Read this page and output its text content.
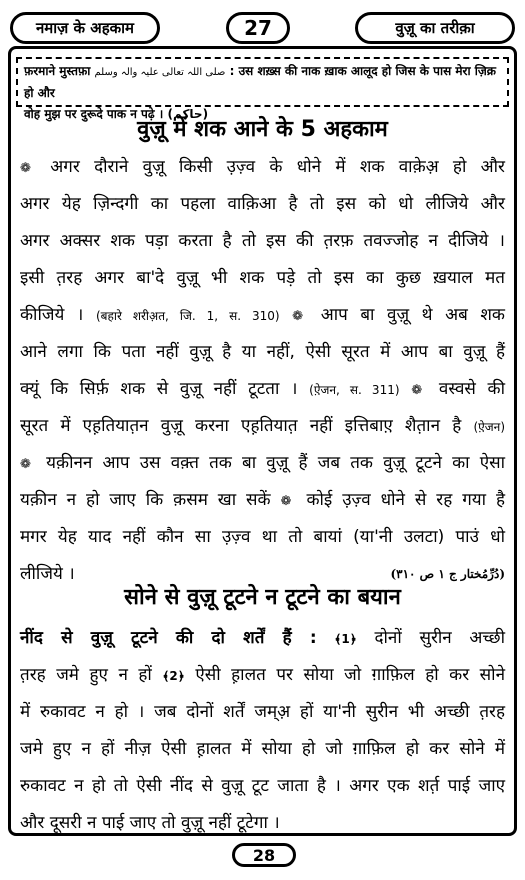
नमाज़ के अहकाम	27	वुज़ू का तरीक़ा
फ़रमाने मुस्तफ़ा صلی اللہ تعالی علیہ والہ وسلم : उस शख़्स की नाक ख़ाक आलूद हो जिस के पास मेरा ज़िक्र हो और
वोह मुझ पर दुरूदे पाक न पढ़े । (حاکم)
वुज़ू में शक आने के 5 अहकाम
❁ अगर दौराने वुज़ू किसी उ़ज़्व के धोने में शक वाक़ेअ़ हो और
अगर येह ज़िन्दगी का पहला वाक़िआ है तो इस को धो लीजिये और
अगर अक्सर शक पड़ा करता है तो इस की त़रफ़ तवज्जोह न दीजिये ।
इसी त़रह अगर बा'दे वुज़ू भी शक पड़े तो इस का कुछ ख़याल मत
कीजिये । (बहारे शरीअ़त, जि. 1, स. 310) ❁ आप बा वुज़ू थे अब शक
आने लगा कि पता नहीं वुज़ू है या नहीं, ऐसी सूरत में आप बा वुज़ू हैं
क्यूं कि सिर्फ़ शक से वुज़ू नहीं टूटता । (ऐ़जन, स. 311) ❁ वस्वसे की
सूरत में एह़तियात़न वुज़ू करना एह़तियात़ नहीं इत्तिबाए़ शैत़ान है (ऐ़जन)
❁ यक़ीनन आप उस वक़्त तक बा वुज़ू हैं जब तक वुज़ू टूटने का ऐसा
यक़ीन न हो जाए कि क़सम खा सकें ❁ कोई उ़ज़्व धोने से रह गया है
मगर येह याद नहीं कौन सा उ़ज़्व था तो बायां (या'नी उलटा) पाउं धो
लीजिये ।	(دُرِّمُختار ج ۱ ص ۳۱۰)
सोने से वुज़ू टूटने न टूटने का बयान
नींद से वुज़ू टूटने की दो शर्तें हैं : ﴾1﴿ दोनों सुरीन अच्छी
त़रह जमे हुए न हों ﴾2﴿ ऐसी ह़ालत पर सोया जो ग़ाफ़िल हो कर सोने
में रुकावट न हो । जब दोनों शर्तें जम्अ़ हों या'नी सुरीन भी अच्छी त़रह
जमे हुए न हों नीज़ ऐसी ह़ालत में सोया हो जो ग़ाफ़िल हो कर सोने में
रुकावट न हो तो ऐसी नींद से वुज़ू टूट जाता है । अगर एक शर्त़ पाई जाए
और दूसरी न पाई जाए तो वुज़ू नहीं टूटेगा ।
28
